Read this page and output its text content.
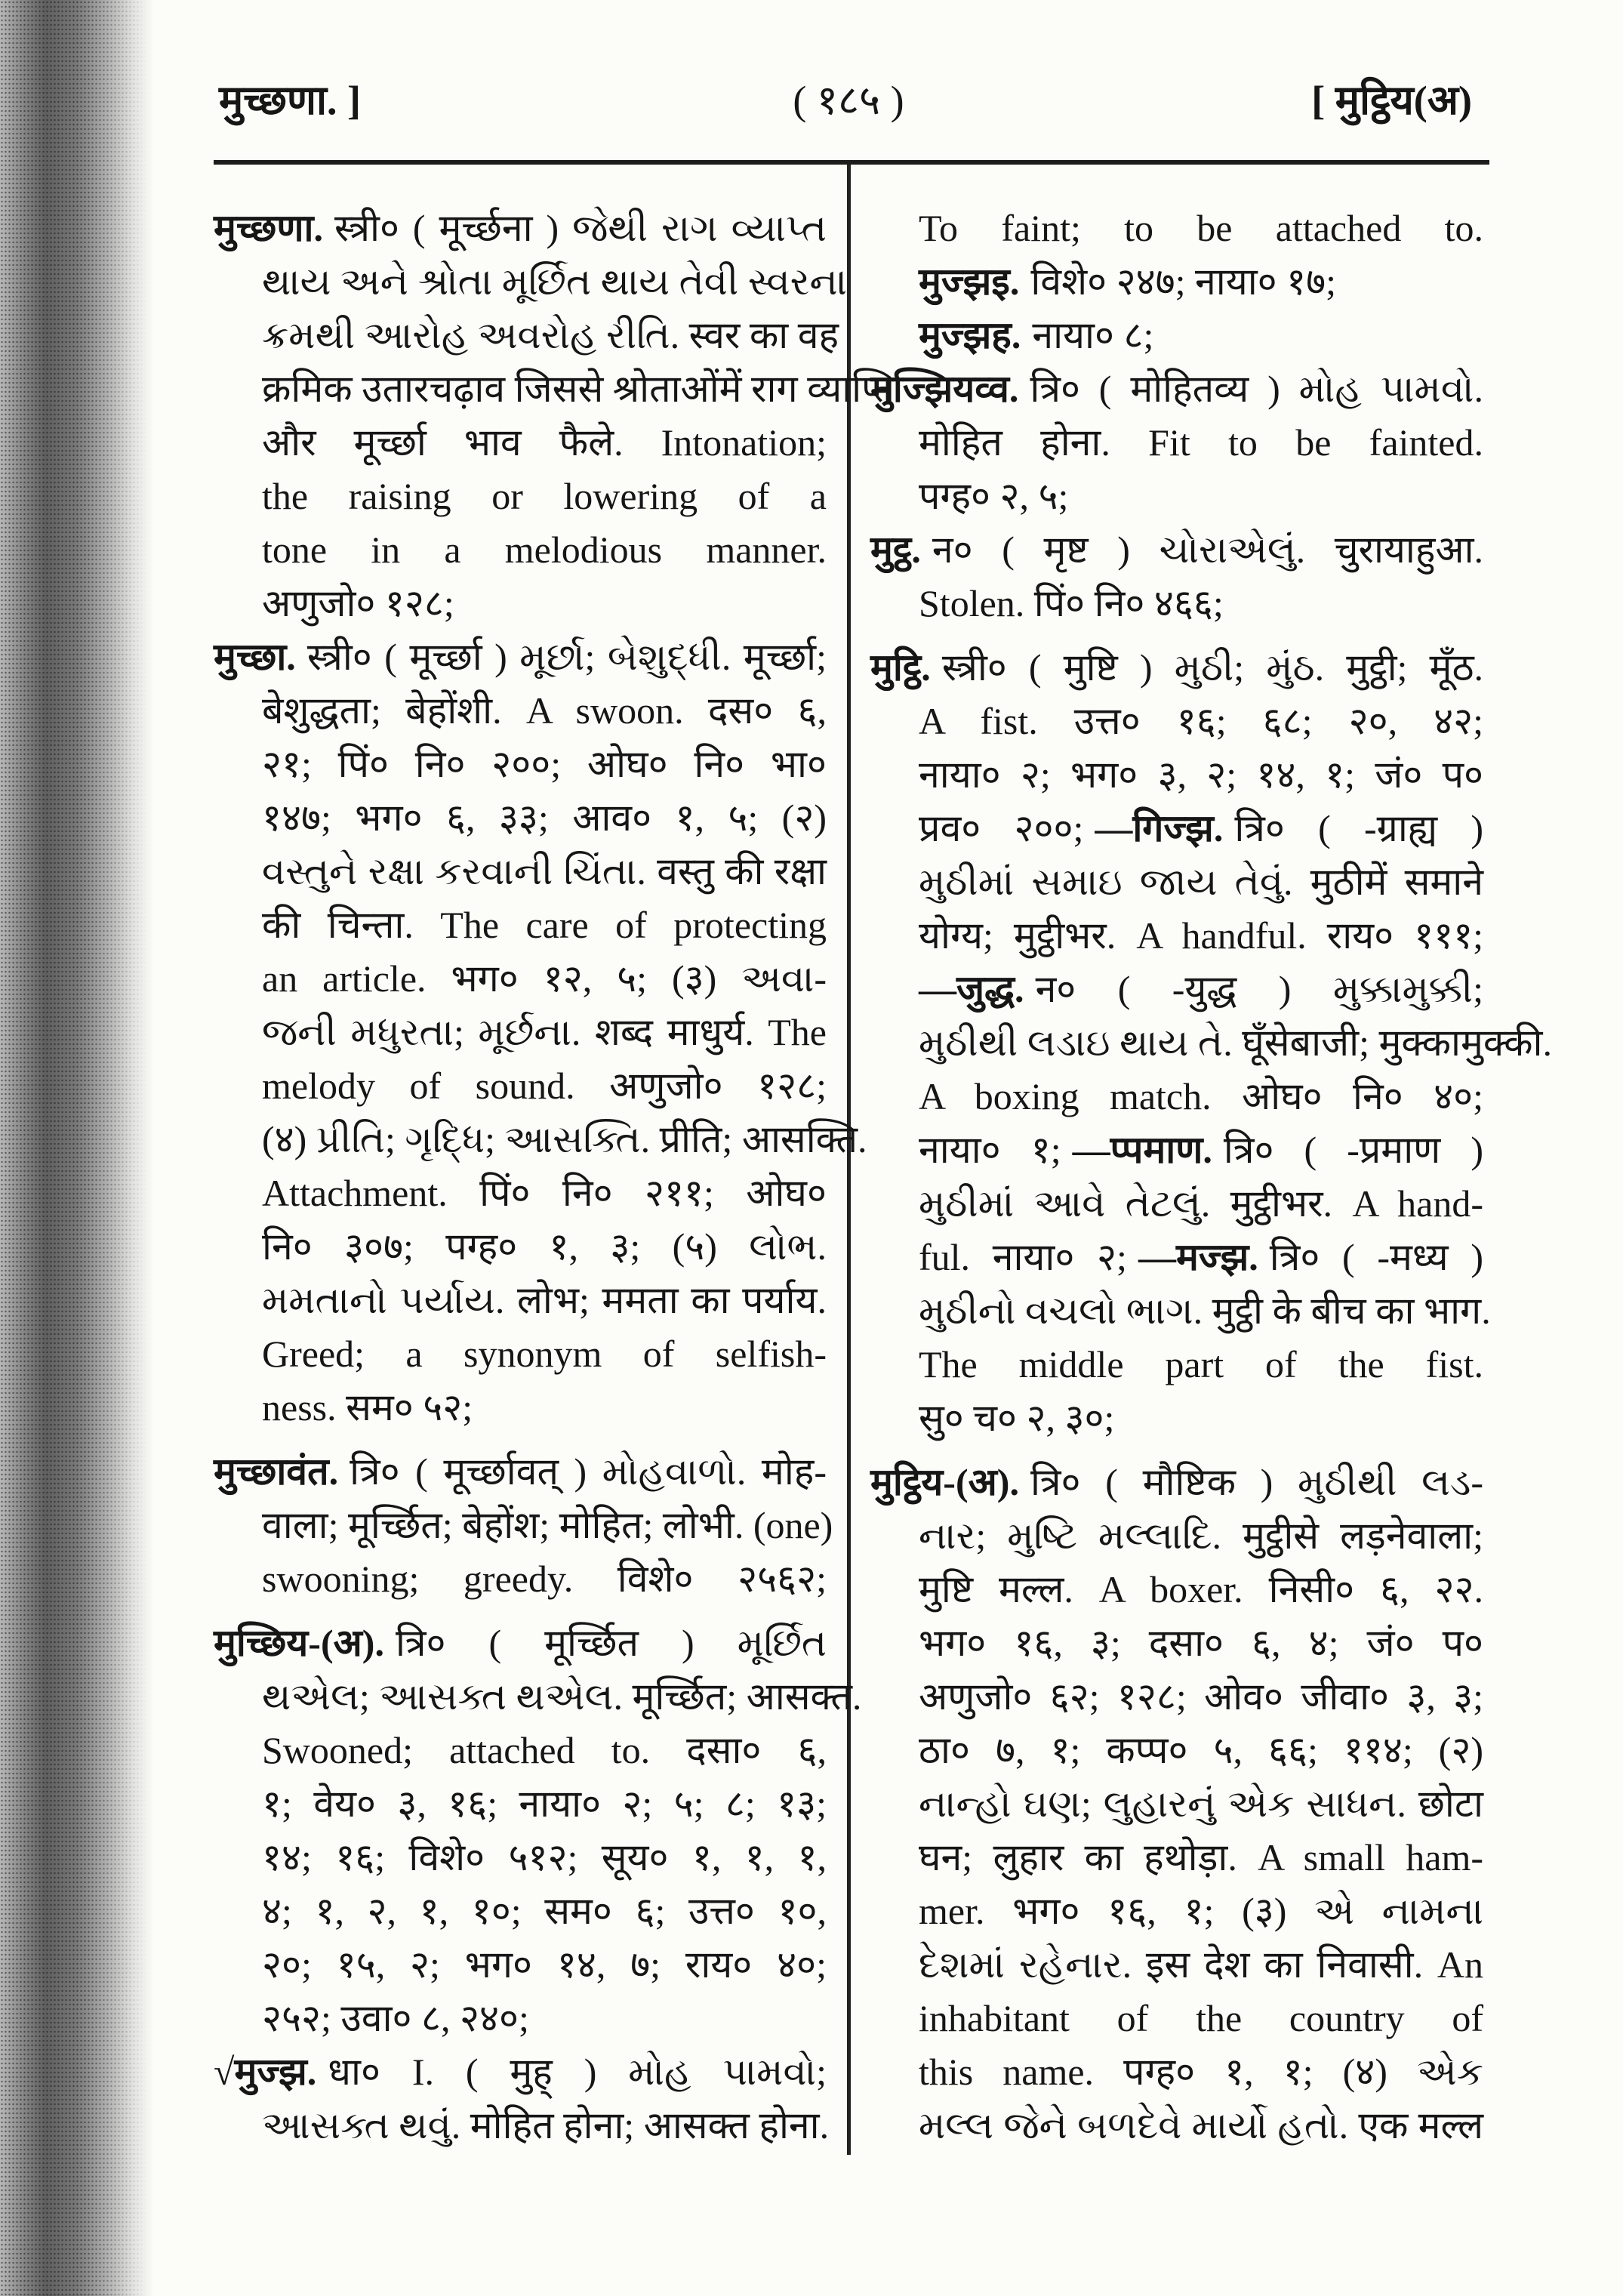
मुच्छणा. ]	( १८५ )	[ मुट्ठिय(अ)
मुच्छणा. स्त्री० ( मूर्च्छना ) જેથી રાગ વ્યાપ્ત
થાય અને શ્રોતા મૂર્છિત થાય તેવી સ્વરના
ક્રમથી આરોહ અવરોહ રીતિ. स्वर का वह
क्रमिक उतारचढ़ाव जिससे श्रोताओंमें राग व्याप्ति
और मूर्च्छा भाव फैले. Intonation;
the raising or lowering of a
tone in a melodious manner.
अणुजो० १२८;
मुच्छा. स्त्री० ( मूर्च्छा ) મૂર્છા; બેશુદ્ધી. मूर्च्छा;
बेशुद्धता; बेहोंशी. A swoon. दस० ६,
२१; पिं० नि० २००; ओघ० नि० भा०
१४७; भग० ६, ३३; आव० १, ५; (२)
વસ્તુને રક્ષા કરવાની ચિંતા. वस्तु की रक्षा
की चिन्ता. The care of protecting
an article. भग० १२, ५; (३) અવા-
જની મધુરતા; મૂર્છના. शब्द माधुर्य. The
melody of sound. अणुजो० १२८;
(४) પ્રીતિ; ગૃદ્ધિ; આસક્તિ. प्रीति; आसक्ति.
Attachment. पिं० नि० २११; ओघ०
नि० ३०७; पग्ह० १, ३; (५) લોભ.
મમતાનો પર્યાય. लोभ; ममता का पर्याय.
Greed; a synonym of selfish-
ness. सम० ५२;
मुच्छावंत. त्रि० ( मूर्च्छावत् ) મોહવાળો. मोह-
वाला; मूर्च्छित; बेहोंश; मोहित; लोभी. (one)
swooning; greedy. विशे० २५६२;
मुच्छिय-(अ). त्रि० ( मूर्च्छित ) મૂર્છિત
થએલ; આસક્ત થએલ. मूर्च्छित; आसक्त.
Swooned; attached to. दसा० ६,
१; वेय० ३, १६; नाया० २; ५; ८; १३;
१४; १६; विशे० ५१२; सूय० १, १, १,
४; १, २, १, १०; सम० ६; उत्त० १०,
२०; १५, २; भग० १४, ७; राय० ४०;
२५२; उवा० ८, २४०;
√मुज्झ. धा० I. ( मुह् ) મોહ પામવો;
આસક્ત થવું. मोहित होना; आसक्त होना.
To faint; to be attached to.
मुज्झइ. विशे० २४७; नाया० १७;
मुज्झह. नाया० ८;
मुज्झियव्व. त्रि० ( मोहितव्य ) મોહ પામવો.
मोहित होना. Fit to be fainted.
पग्ह० २, ५;
मुट्ठ. न० ( मृष्ट ) ચોરાએલું. चुरायाहुआ.
Stolen. पिं० नि० ४६६;
मुट्ठि. स्त्री० ( मुष्टि ) મુઠી; મુંઠ. मुट्ठी; मूँठ.
A fist. उत्त० १६; ६८; २०, ४२;
नाया० २; भग० ३, २; १४, १; जं० प०
प्रव० २००; —गिज्झ. त्रि० ( -ग्राह्य )
મુઠીમાં સમાઇ જાય તેવું. मुठीमें समाने
योग्य; मुट्ठीभर. A handful. राय० १११;
—जुद्ध. न० ( -युद्ध ) મુક્કામુક્કી;
મુઠીથી લડાઇ થાય તે. घूँसेबाजी; मुक्कामुक्की.
A boxing match. ओघ० नि० ४०;
नाया० १; —प्पमाण. त्रि० ( -प्रमाण )
મુઠીમાં આવે તેટલું. मुट्ठीभर. A hand-
ful. नाया० २; —मज्झ. त्रि० ( -मध्य )
મુઠીનો વચલો ભાગ. मुट्ठी के बीच का भाग.
The middle part of the fist.
सु० च० २, ३०;
मुट्ठिय-(अ). त्रि० ( मौष्टिक ) મુઠીથી લડ-
નાર; મુષ્ટિ મલ્લાદિ. मुट्ठीसे लड़नेवाला;
मुष्टि मल्ल. A boxer. निसी० ६, २२.
भग० १६, ३; दसा० ६, ४; जं० प०
अणुजो० ६२; १२८; ओव० जीवा० ३, ३;
ठा० ७, १; कप्प० ५, ६६; ११४; (२)
નાન્હો ઘણ; લુહારનું એક સાધન. छोटा
घन; लुहार का हथोड़ा. A small ham-
mer. भग० १६, १; (३) એ નામના
દેશમાં રહેનાર. इस देश का निवासी. An
inhabitant of the country of
this name. पग्ह० १, १; (४) એક
મલ્લ જેને બળદેવે માર્યો હતો. एक मल्ल
